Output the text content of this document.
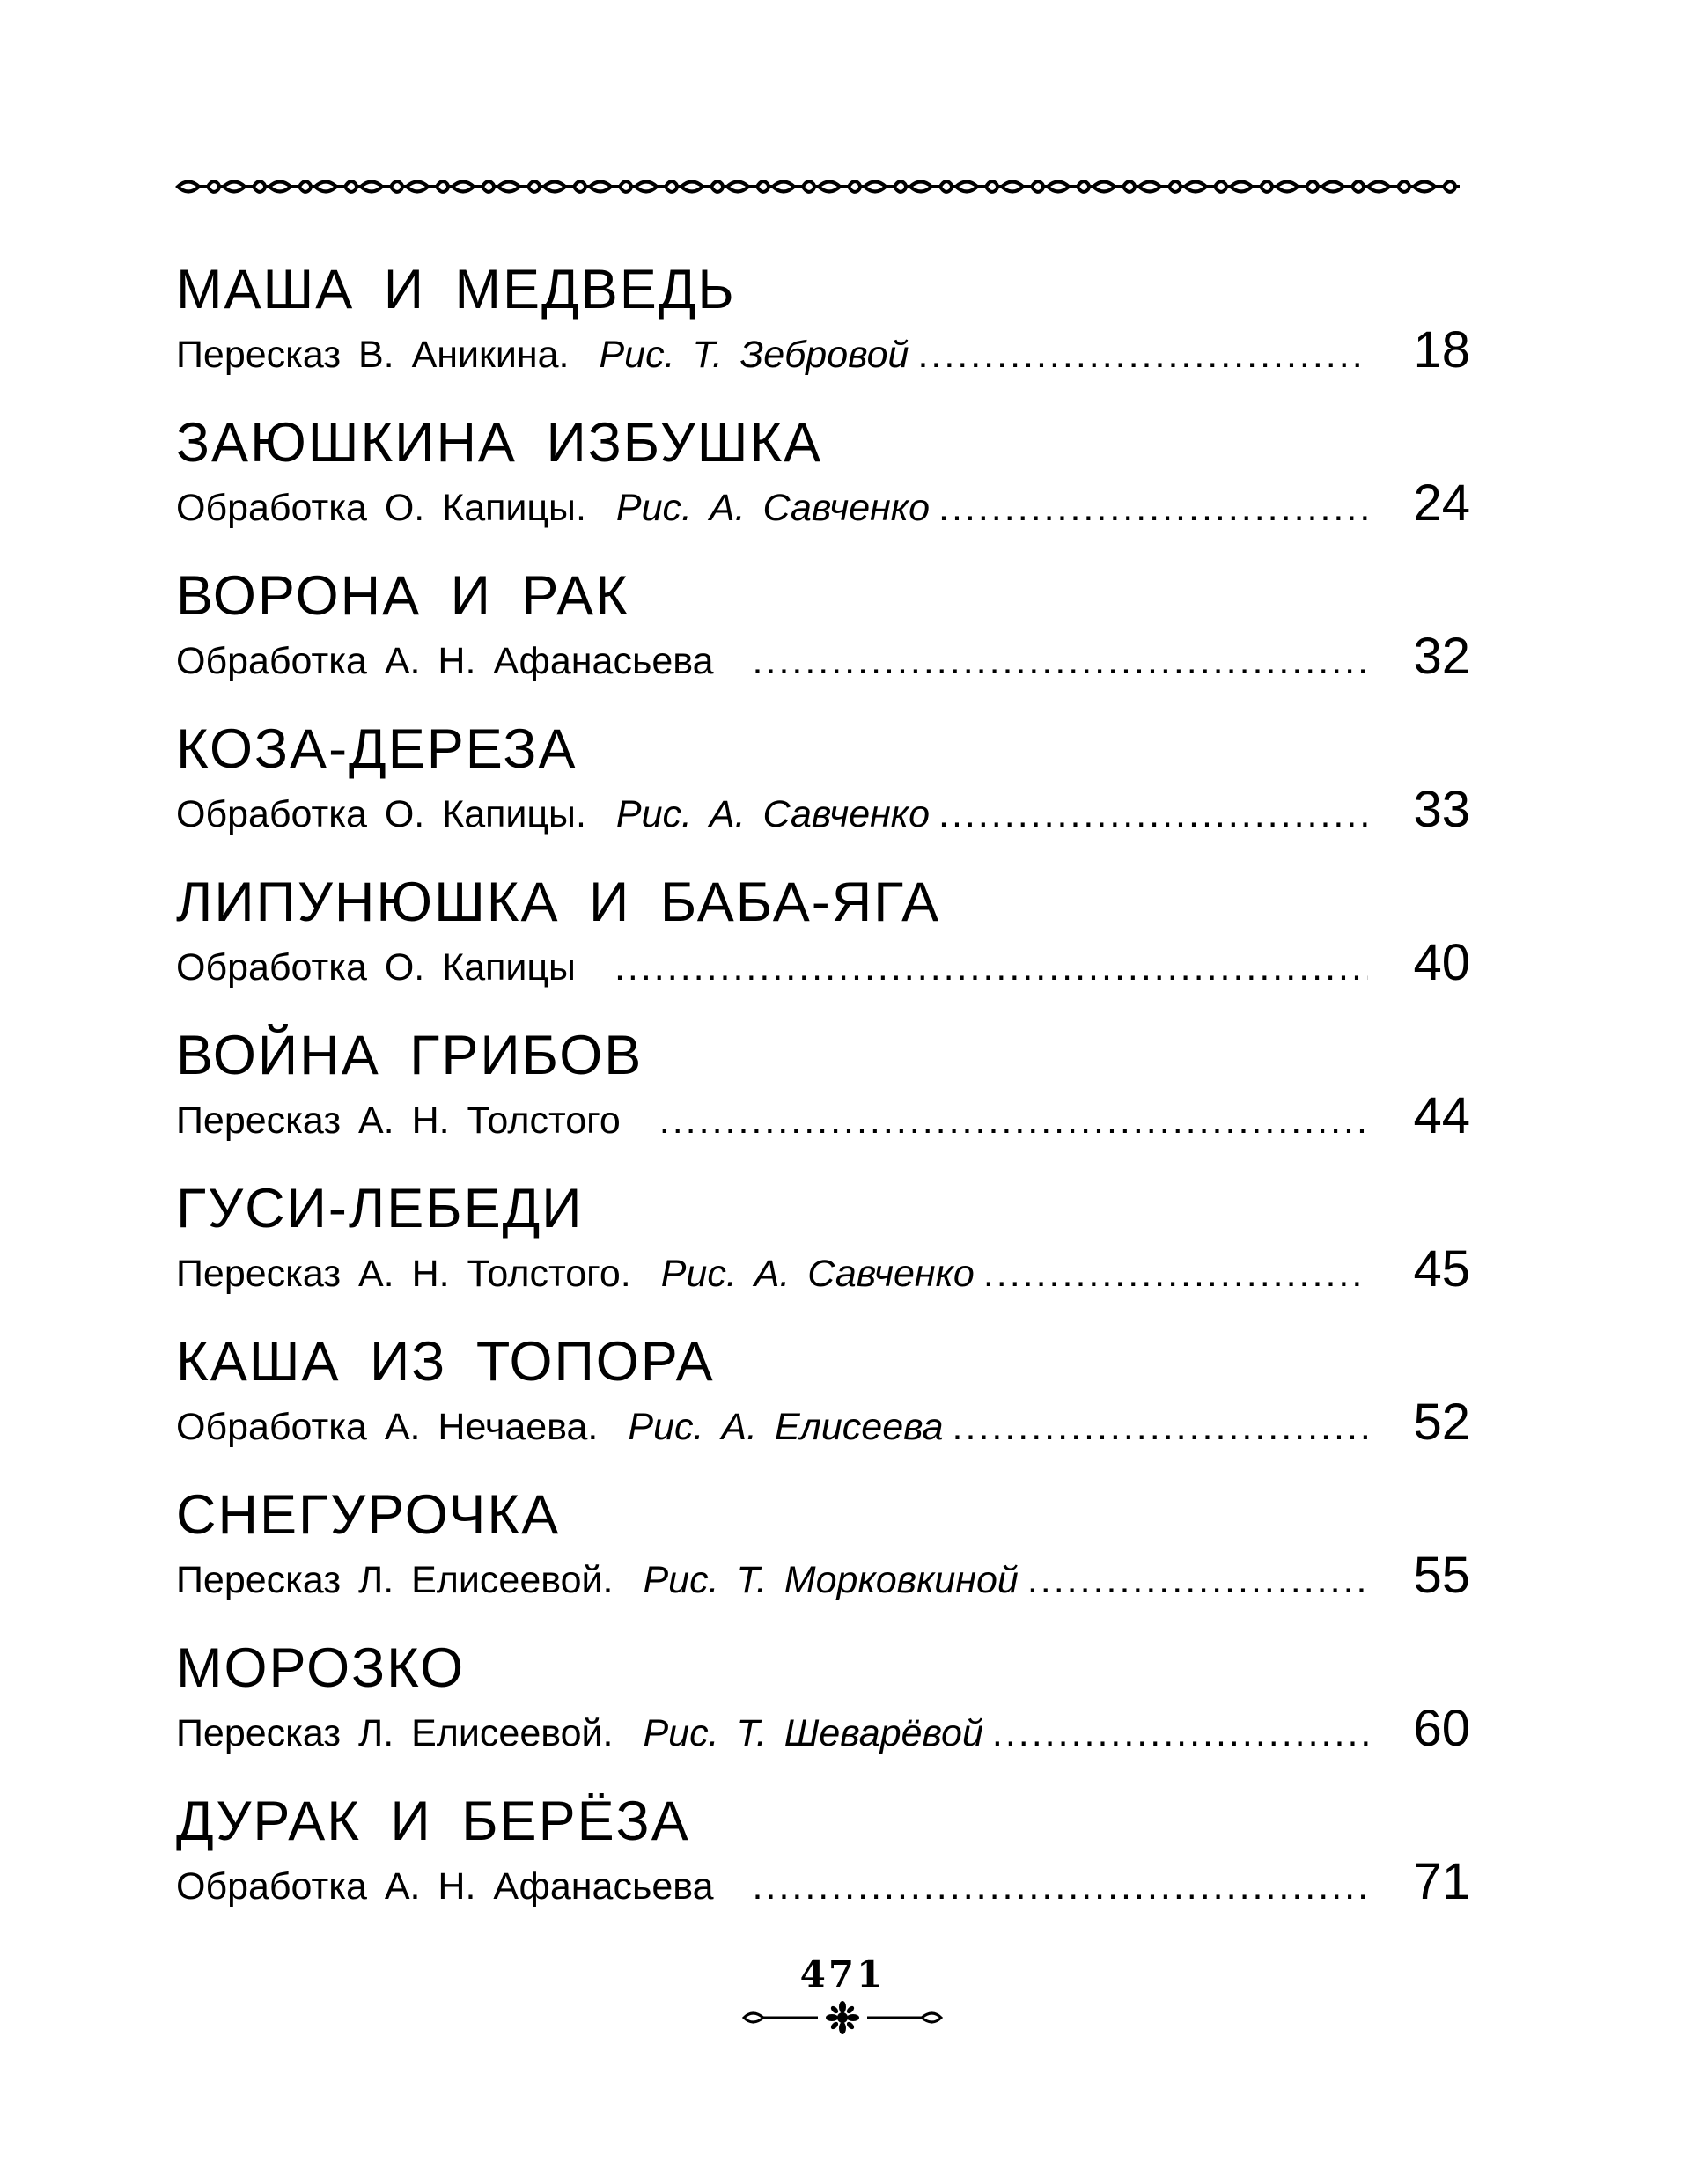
МАША И МЕДВЕДЬ
Пересказ В. Аникина. Рис. Т. Зебровой .....	18
ЗАЮШКИНА ИЗБУШКА
Обработка О. Капицы. Рис. А. Савченко .....	24
ВОРОНА И РАК
Обработка А. Н. Афанасьева .....	32
КОЗА-ДЕРЕЗА
Обработка О. Капицы. Рис. А. Савченко .....	33
ЛИПУНЮШКА И БАБА-ЯГА
Обработка О. Капицы .....	40
ВОЙНА ГРИБОВ
Пересказ А. Н. Толстого .....	44
ГУСИ-ЛЕБЕДИ
Пересказ А. Н. Толстого. Рис. А. Савченко .....	45
КАША ИЗ ТОПОРА
Обработка А. Нечаева. Рис. А. Елисеева .....	52
СНЕГУРОЧКА
Пересказ Л. Елисеевой. Рис. Т. Морковкиной .....	55
МОРОЗКО
Пересказ Л. Елисеевой. Рис. Т. Шеварёвой .....	60
ДУРАК И БЕРЁЗА
Обработка А. Н. Афанасьева .....	71
471
